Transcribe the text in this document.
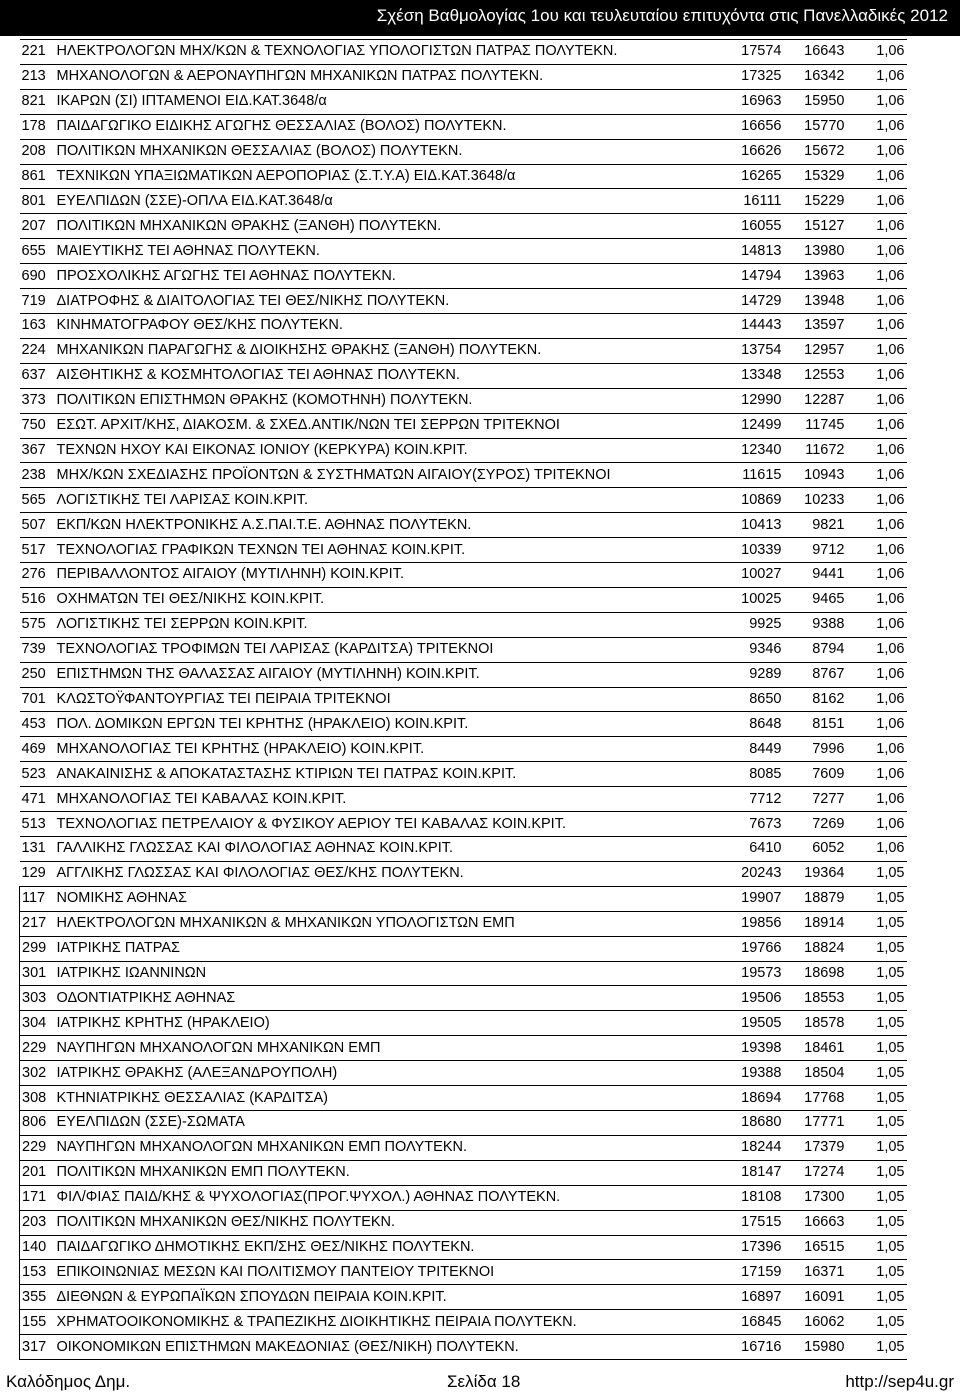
Σχέση Βαθμολογίας 1ου και τευλευταίου επιτυχόντα στις Πανελλαδικές 2012
221	ΗΛΕΚΤΡΟΛΟΓΩΝ ΜΗΧ/ΚΩΝ & ΤΕΧΝΟΛΟΓΙΑΣ ΥΠΟΛΟΓΙΣΤΩΝ ΠΑΤΡΑΣ ΠΟΛΥΤΕΚΝ.	17574	16643	1,06
213	ΜΗΧΑΝΟΛΟΓΩΝ & ΑΕΡΟΝΑΥΠΗΓΩΝ ΜΗΧΑΝΙΚΩΝ ΠΑΤΡΑΣ ΠΟΛΥΤΕΚΝ.	17325	16342	1,06
821	ΙΚΑΡΩΝ (ΣΙ) ΙΠΤΑΜΕΝΟΙ ΕΙΔ.ΚΑΤ.3648/α	16963	15950	1,06
178	ΠΑΙΔΑΓΩΓΙΚΟ ΕΙΔΙΚΗΣ ΑΓΩΓΗΣ ΘΕΣΣΑΛΙΑΣ (ΒΟΛΟΣ) ΠΟΛΥΤΕΚΝ.	16656	15770	1,06
208	ΠΟΛΙΤΙΚΩΝ ΜΗΧΑΝΙΚΩΝ ΘΕΣΣΑΛΙΑΣ (ΒΟΛΟΣ) ΠΟΛΥΤΕΚΝ.	16626	15672	1,06
861	ΤΕΧΝΙΚΩΝ ΥΠΑΞΙΩΜΑΤΙΚΩΝ ΑΕΡΟΠΟΡΙΑΣ (Σ.Τ.Υ.Α) ΕΙΔ.ΚΑΤ.3648/α	16265	15329	1,06
801	ΕΥΕΛΠΙΔΩΝ (ΣΣΕ)-ΟΠΛΑ ΕΙΔ.ΚΑΤ.3648/α	16111	15229	1,06
207	ΠΟΛΙΤΙΚΩΝ ΜΗΧΑΝΙΚΩΝ ΘΡΑΚΗΣ (ΞΑΝΘΗ) ΠΟΛΥΤΕΚΝ.	16055	15127	1,06
655	ΜΑΙΕΥΤΙΚΗΣ ΤΕΙ ΑΘΗΝΑΣ ΠΟΛΥΤΕΚΝ.	14813	13980	1,06
690	ΠΡΟΣΧΟΛΙΚΗΣ ΑΓΩΓΗΣ ΤΕΙ ΑΘΗΝΑΣ ΠΟΛΥΤΕΚΝ.	14794	13963	1,06
719	ΔΙΑΤΡΟΦΗΣ & ΔΙΑΙΤΟΛΟΓΙΑΣ ΤΕΙ ΘΕΣ/ΝΙΚΗΣ ΠΟΛΥΤΕΚΝ.	14729	13948	1,06
163	ΚΙΝΗΜΑΤΟΓΡΑΦΟΥ ΘΕΣ/ΚΗΣ ΠΟΛΥΤΕΚΝ.	14443	13597	1,06
224	ΜΗΧΑΝΙΚΩΝ ΠΑΡΑΓΩΓΗΣ & ΔΙΟΙΚΗΣΗΣ ΘΡΑΚΗΣ (ΞΑΝΘΗ) ΠΟΛΥΤΕΚΝ.	13754	12957	1,06
637	ΑΙΣΘΗΤΙΚΗΣ & ΚΟΣΜΗΤΟΛΟΓΙΑΣ ΤΕΙ ΑΘΗΝΑΣ ΠΟΛΥΤΕΚΝ.	13348	12553	1,06
373	ΠΟΛΙΤΙΚΩΝ ΕΠΙΣΤΗΜΩΝ ΘΡΑΚΗΣ (ΚΟΜΟΤΗΝΗ) ΠΟΛΥΤΕΚΝ.	12990	12287	1,06
750	ΕΣΩΤ. ΑΡΧΙΤ/ΚΗΣ, ΔΙΑΚΟΣΜ. & ΣΧΕΔ.ΑΝΤΙΚ/ΝΩΝ ΤΕΙ ΣΕΡΡΩΝ ΤΡΙΤΕΚΝΟΙ	12499	11745	1,06
367	ΤΕΧΝΩΝ ΗΧΟΥ ΚΑΙ ΕΙΚΟΝΑΣ ΙΟΝΙΟΥ (ΚΕΡΚΥΡΑ) ΚΟΙΝ.ΚΡΙΤ.	12340	11672	1,06
238	ΜΗΧ/ΚΩΝ ΣΧΕΔΙΑΣΗΣ ΠΡΟΪΟΝΤΩΝ & ΣΥΣΤΗΜΑΤΩΝ ΑΙΓΑΙΟΥ(ΣΥΡΟΣ) ΤΡΙΤΕΚΝΟΙ	11615	10943	1,06
565	ΛΟΓΙΣΤΙΚΗΣ ΤΕΙ ΛΑΡΙΣΑΣ ΚΟΙΝ.ΚΡΙΤ.	10869	10233	1,06
507	ΕΚΠ/ΚΩΝ ΗΛΕΚΤΡΟΝΙΚΗΣ Α.Σ.ΠΑΙ.Τ.Ε. ΑΘΗΝΑΣ ΠΟΛΥΤΕΚΝ.	10413	9821	1,06
517	ΤΕΧΝΟΛΟΓΙΑΣ ΓΡΑΦΙΚΩΝ ΤΕΧΝΩΝ ΤΕΙ ΑΘΗΝΑΣ ΚΟΙΝ.ΚΡΙΤ.	10339	9712	1,06
276	ΠΕΡΙΒΑΛΛΟΝΤΟΣ ΑΙΓΑΙΟΥ (ΜΥΤΙΛΗΝΗ) ΚΟΙΝ.ΚΡΙΤ.	10027	9441	1,06
516	ΟΧΗΜΑΤΩΝ ΤΕΙ ΘΕΣ/ΝΙΚΗΣ ΚΟΙΝ.ΚΡΙΤ.	10025	9465	1,06
575	ΛΟΓΙΣΤΙΚΗΣ ΤΕΙ ΣΕΡΡΩΝ ΚΟΙΝ.ΚΡΙΤ.	9925	9388	1,06
739	ΤΕΧΝΟΛΟΓΙΑΣ ΤΡΟΦΙΜΩΝ ΤΕΙ ΛΑΡΙΣΑΣ (ΚΑΡΔΙΤΣΑ) ΤΡΙΤΕΚΝΟΙ	9346	8794	1,06
250	ΕΠΙΣΤΗΜΩΝ ΤΗΣ ΘΑΛΑΣΣΑΣ ΑΙΓΑΙΟΥ (ΜΥΤΙΛΗΝΗ) ΚΟΙΝ.ΚΡΙΤ.	9289	8767	1,06
701	ΚΛΩΣΤΟΫΦΑΝΤΟΥΡΓΙΑΣ ΤΕΙ ΠΕΙΡΑΙΑ ΤΡΙΤΕΚΝΟΙ	8650	8162	1,06
453	ΠΟΛ. ΔΟΜΙΚΩΝ ΕΡΓΩΝ ΤΕΙ ΚΡΗΤΗΣ (ΗΡΑΚΛΕΙΟ) ΚΟΙΝ.ΚΡΙΤ.	8648	8151	1,06
469	ΜΗΧΑΝΟΛΟΓΙΑΣ ΤΕΙ ΚΡΗΤΗΣ (ΗΡΑΚΛΕΙΟ) ΚΟΙΝ.ΚΡΙΤ.	8449	7996	1,06
523	ΑΝΑΚΑΙΝΙΣΗΣ & ΑΠΟΚΑΤΑΣΤΑΣΗΣ ΚΤΙΡΙΩΝ ΤΕΙ ΠΑΤΡΑΣ ΚΟΙΝ.ΚΡΙΤ.	8085	7609	1,06
471	ΜΗΧΑΝΟΛΟΓΙΑΣ ΤΕΙ ΚΑΒΑΛΑΣ ΚΟΙΝ.ΚΡΙΤ.	7712	7277	1,06
513	ΤΕΧΝΟΛΟΓΙΑΣ ΠΕΤΡΕΛΑΙΟΥ & ΦΥΣΙΚΟΥ ΑΕΡΙΟΥ ΤΕΙ ΚΑΒΑΛΑΣ ΚΟΙΝ.ΚΡΙΤ.	7673	7269	1,06
131	ΓΑΛΛΙΚΗΣ ΓΛΩΣΣΑΣ ΚΑΙ ΦΙΛΟΛΟΓΙΑΣ ΑΘΗΝΑΣ ΚΟΙΝ.ΚΡΙΤ.	6410	6052	1,06
129	ΑΓΓΛΙΚΗΣ ΓΛΩΣΣΑΣ ΚΑΙ ΦΙΛΟΛΟΓΙΑΣ ΘΕΣ/ΚΗΣ ΠΟΛΥΤΕΚΝ.	20243	19364	1,05
117	ΝΟΜΙΚΗΣ ΑΘΗΝΑΣ	19907	18879	1,05
217	ΗΛΕΚΤΡΟΛΟΓΩΝ ΜΗΧΑΝΙΚΩΝ & ΜΗΧΑΝΙΚΩΝ ΥΠΟΛΟΓΙΣΤΩΝ ΕΜΠ	19856	18914	1,05
299	ΙΑΤΡΙΚΗΣ ΠΑΤΡΑΣ	19766	18824	1,05
301	ΙΑΤΡΙΚΗΣ ΙΩΑΝΝΙΝΩΝ	19573	18698	1,05
303	ΟΔΟΝΤΙΑΤΡΙΚΗΣ ΑΘΗΝΑΣ	19506	18553	1,05
304	ΙΑΤΡΙΚΗΣ ΚΡΗΤΗΣ (ΗΡΑΚΛΕΙΟ)	19505	18578	1,05
229	ΝΑΥΠΗΓΩΝ ΜΗΧΑΝΟΛΟΓΩΝ ΜΗΧΑΝΙΚΩΝ ΕΜΠ	19398	18461	1,05
302	ΙΑΤΡΙΚΗΣ ΘΡΑΚΗΣ (ΑΛΕΞΑΝΔΡΟΥΠΟΛΗ)	19388	18504	1,05
308	ΚΤΗΝΙΑΤΡΙΚΗΣ ΘΕΣΣΑΛΙΑΣ (ΚΑΡΔΙΤΣΑ)	18694	17768	1,05
806	ΕΥΕΛΠΙΔΩΝ (ΣΣΕ)-ΣΩΜΑΤΑ	18680	17771	1,05
229	ΝΑΥΠΗΓΩΝ ΜΗΧΑΝΟΛΟΓΩΝ ΜΗΧΑΝΙΚΩΝ ΕΜΠ ΠΟΛΥΤΕΚΝ.	18244	17379	1,05
201	ΠΟΛΙΤΙΚΩΝ ΜΗΧΑΝΙΚΩΝ ΕΜΠ ΠΟΛΥΤΕΚΝ.	18147	17274	1,05
171	ΦΙΛ/ΦΙΑΣ ΠΑΙΔ/ΚΗΣ & ΨΥΧΟΛΟΓΙΑΣ(ΠΡΟΓ.ΨΥΧΟΛ.) ΑΘΗΝΑΣ ΠΟΛΥΤΕΚΝ.	18108	17300	1,05
203	ΠΟΛΙΤΙΚΩΝ ΜΗΧΑΝΙΚΩΝ ΘΕΣ/ΝΙΚΗΣ ΠΟΛΥΤΕΚΝ.	17515	16663	1,05
140	ΠΑΙΔΑΓΩΓΙΚΟ ΔΗΜΟΤΙΚΗΣ ΕΚΠ/ΣΗΣ ΘΕΣ/ΝΙΚΗΣ ΠΟΛΥΤΕΚΝ.	17396	16515	1,05
153	ΕΠΙΚΟΙΝΩΝΙΑΣ ΜΕΣΩΝ ΚΑΙ ΠΟΛΙΤΙΣΜΟΥ ΠΑΝΤΕΙΟΥ ΤΡΙΤΕΚΝΟΙ	17159	16371	1,05
355	ΔΙΕΘΝΩΝ & ΕΥΡΩΠΑΪΚΩΝ ΣΠΟΥΔΩΝ ΠΕΙΡΑΙΑ ΚΟΙΝ.ΚΡΙΤ.	16897	16091	1,05
155	ΧΡΗΜΑΤΟΟΙΚΟΝΟΜΙΚΗΣ & ΤΡΑΠΕΖΙΚΗΣ ΔΙΟΙΚΗΤΙΚΗΣ ΠΕΙΡΑΙΑ ΠΟΛΥΤΕΚΝ.	16845	16062	1,05
317	ΟΙΚΟΝΟΜΙΚΩΝ ΕΠΙΣΤΗΜΩΝ ΜΑΚΕΔΟΝΙΑΣ (ΘΕΣ/ΝΙΚΗ) ΠΟΛΥΤΕΚΝ.	16716	15980	1,05
Καλόδημος Δημ.	Σελίδα 18	http://sep4u.gr
